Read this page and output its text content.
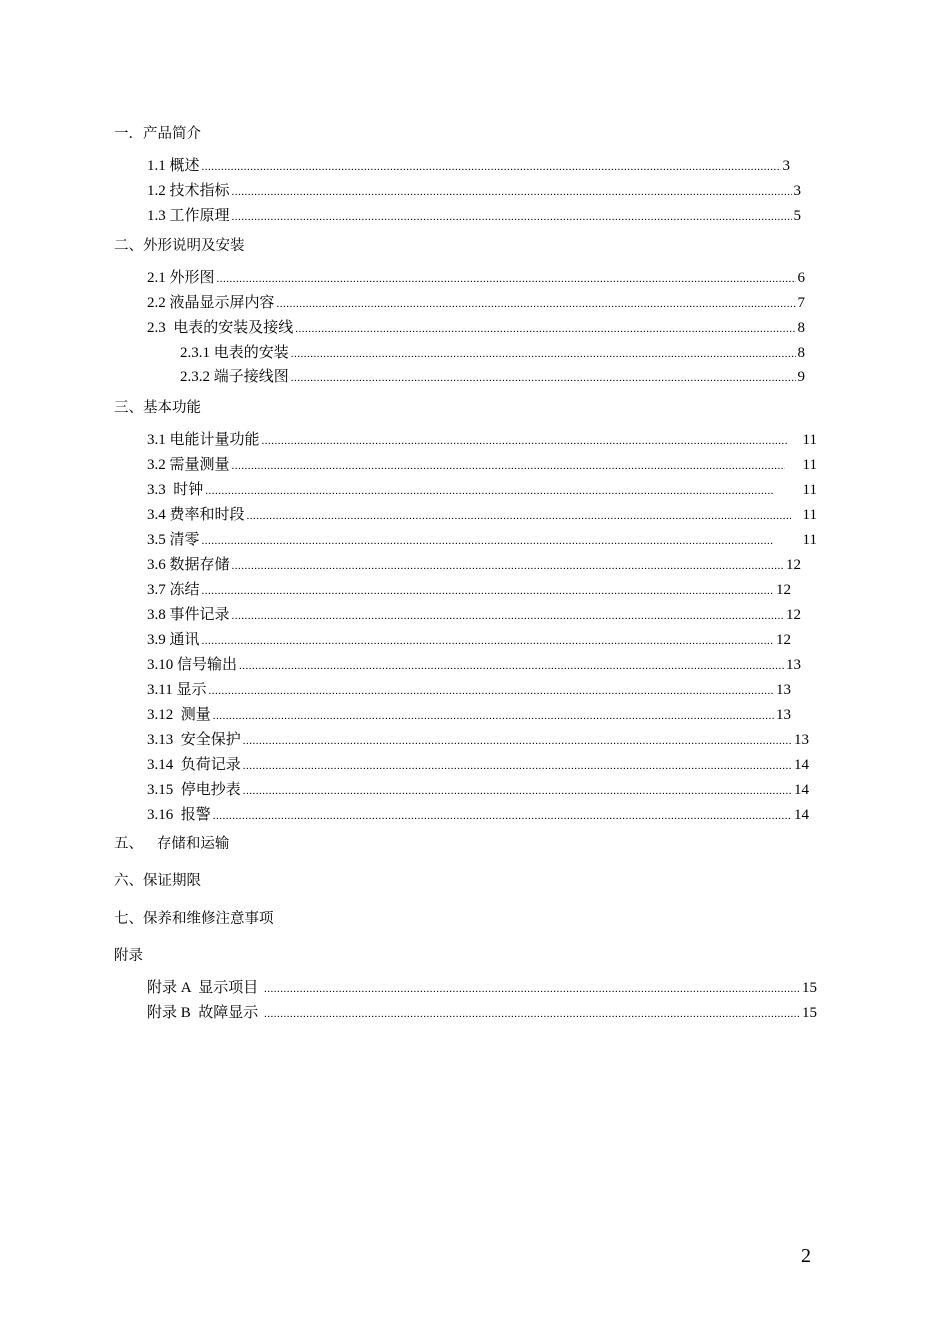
一．产品简介
1.1 概述 .....	3
1.2 技术指标 .....	3
1.3 工作原理 .....	5
二、外形说明及安装
2.1 外形图 .....	6
2.2 液晶显示屏内容 .....	7
2.3  电表的安装及接线 .....	8
2.3.1 电表的安装 .....	8
2.3.2 端子接线图 .....	9
三、基本功能
3.1 电能计量功能 .....	11
3.2 需量测量 .....	11
3.3  时钟 .....	11
3.4 费率和时段 .....	11
3.5 清零 .....	11
3.6 数据存储 .....	12
3.7 冻结 .....	12
3.8 事件记录 .....	12
3.9 通讯 .....	12
3.10 信号输出 .....	13
3.11 显示 .....	13
3.12  测量 .....	13
3.13  安全保护 .....	13
3.14  负荷记录 .....	14
3.15  停电抄表 .....	14
3.16  报警 .....	14
五、   存储和运输
六、保证期限
七、保养和维修注意事项
附录
附录 A  显示项目 .....	15
附录 B  故障显示 .....	15
2
